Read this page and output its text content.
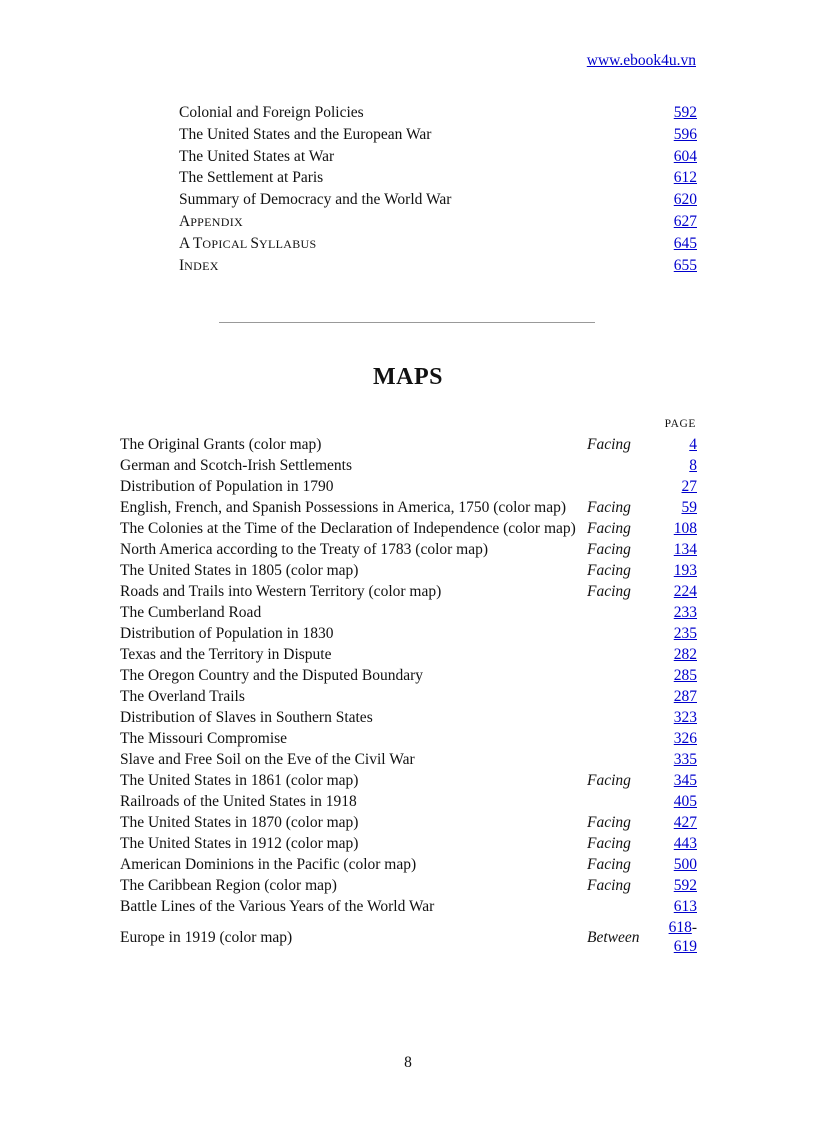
www.ebook4u.vn
Colonial and Foreign Policies	592
The United States and the European War	596
The United States at War	604
The Settlement at Paris	612
Summary of Democracy and the World War	620
APPENDIX	627
A TOPICAL SYLLABUS	645
INDEX	655
MAPS
PAGE
The Original Grants (color map)	Facing	4
German and Scotch-Irish Settlements		8
Distribution of Population in 1790		27
English, French, and Spanish Possessions in America, 1750 (color map)	Facing	59
The Colonies at the Time of the Declaration of Independence (color map)	Facing	108
North America according to the Treaty of 1783 (color map)	Facing	134
The United States in 1805 (color map)	Facing	193
Roads and Trails into Western Territory (color map)	Facing	224
The Cumberland Road		233
Distribution of Population in 1830		235
Texas and the Territory in Dispute		282
The Oregon Country and the Disputed Boundary		285
The Overland Trails		287
Distribution of Slaves in Southern States		323
The Missouri Compromise		326
Slave and Free Soil on the Eve of the Civil War		335
The United States in 1861 (color map)	Facing	345
Railroads of the United States in 1918		405
The United States in 1870 (color map)	Facing	427
The United States in 1912 (color map)	Facing	443
American Dominions in the Pacific (color map)	Facing	500
The Caribbean Region (color map)	Facing	592
Battle Lines of the Various Years of the World War		613
Europe in 1919 (color map)	Between	618-
619
8
